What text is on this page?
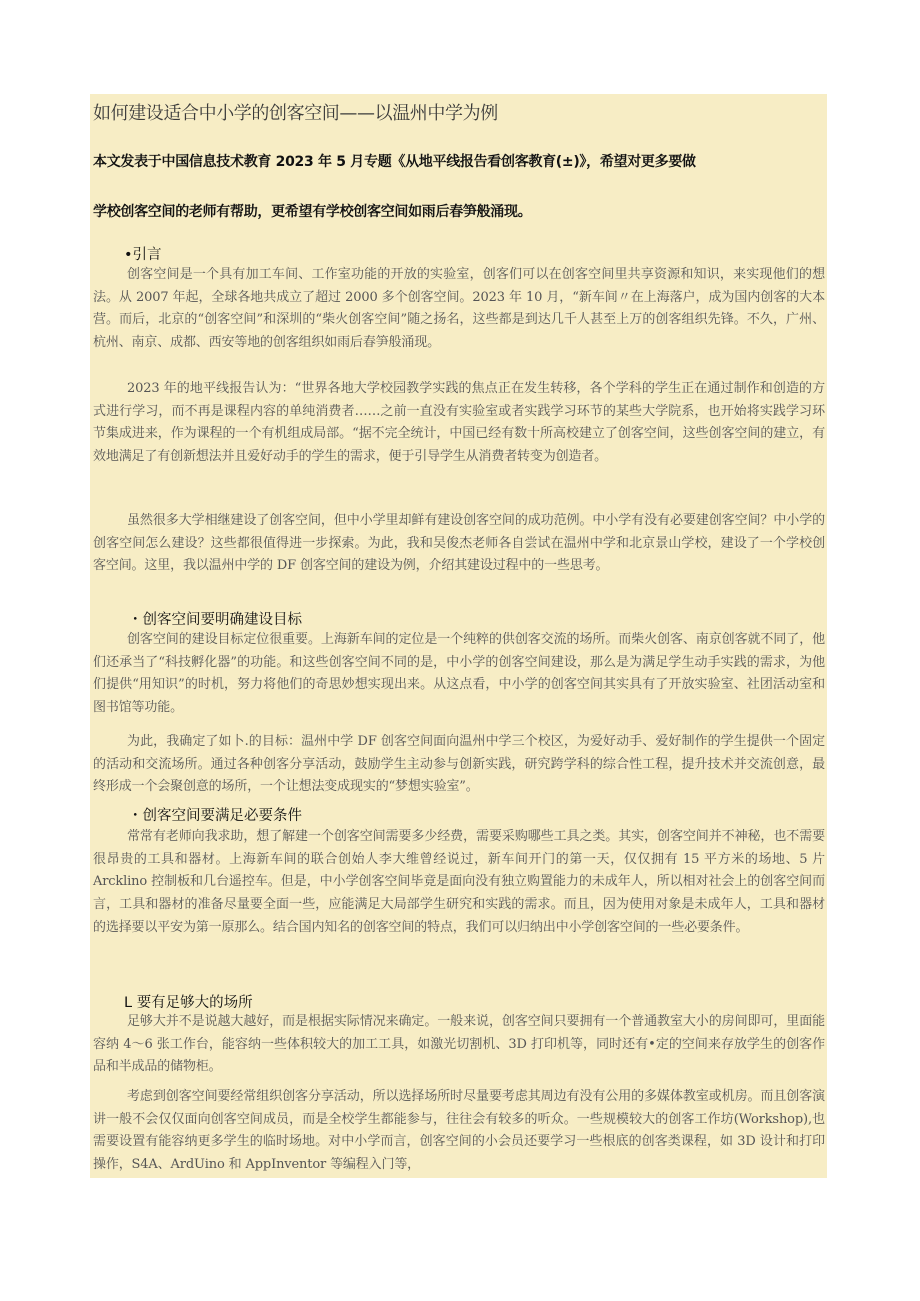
如何建设适合中小学的创客空间——以温州中学为例
本文发表于中国信息技术教育 2023 年 5 月专题《从地平线报告看创客教育(±)》，希望对更多要做
学校创客空间的老师有帮助，更希望有学校创客空间如雨后春笋般涌现。
•引言
创客空间是一个具有加工车间、工作室功能的开放的实验室，创客们可以在创客空间里共享资源和知识，来实现他们的想法。从 2007 年起，全球各地共成立了超过 2000 多个创客空间。2023 年 10 月，“新车间〃在上海落户，成为国内创客的大本营。而后，北京的“创客空间”和深圳的“柴火创客空间”随之扬名，这些都是到达几千人甚至上万的创客组织先锋。不久，广州、杭州、南京、成都、西安等地的创客组织如雨后春笋般涌现。
2023 年的地平线报告认为：“世界各地大学校园教学实践的焦点正在发生转移，各个学科的学生正在通过制作和创造的方式进行学习，而不再是课程内容的单纯消费者……之前一直没有实验室或者实践学习环节的某些大学院系，也开始将实践学习环节集成进来，作为课程的一个有机组成局部。“据不完全统计，中国已经有数十所高校建立了创客空间，这些创客空间的建立，有效地满足了有创新想法并且爱好动手的学生的需求，便于引导学生从消费者转变为创造者。
虽然很多大学相继建设了创客空间，但中小学里却鲜有建设创客空间的成功范例。中小学有没有必要建创客空间？中小学的创客空间怎么建设？这些都很值得进一步探索。为此，我和吴俊杰老师各自尝试在温州中学和北京景山学校，建设了一个学校创客空间。这里，我以温州中学的 DF 创客空间的建设为例，介绍其建设过程中的一些思考。
・创客空间要明确建设目标
创客空间的建设目标定位很重要。上海新车间的定位是一个纯粹的供创客交流的场所。而柴火创客、南京创客就不同了，他们还承当了“科技孵化器”的功能。和这些创客空间不同的是，中小学的创客空间建设，那么是为满足学生动手实践的需求，为他们提供“用知识”的时机，努力将他们的奇思妙想实现出来。从这点看，中小学的创客空间其实具有了开放实验室、社团活动室和图书馆等功能。
为此，我确定了如卜.的目标：温州中学 DF 创客空间面向温州中学三个校区，为爱好动手、爱好制作的学生提供一个固定的活动和交流场所。通过各种创客分享活动，鼓励学生主动参与创新实践，研究跨学科的综合性工程，提升技术并交流创意，最终形成一个会聚创意的场所，一个让想法变成现实的“梦想实验室”。
・创客空间要满足必要条件
常常有老师向我求助，想了解建一个创客空间需要多少经费，需要采购哪些工具之类。其实，创客空间并不神秘，也不需要很昂贵的工具和器材。上海新车间的联合创始人李大维曾经说过，新车间开门的第一天，仅仅拥有 15 平方米的场地、5 片 Arcklino 控制板和几台遥控车。但是，中小学创客空间毕竟是面向没有独立购置能力的未成年人，所以相对社会上的创客空间而言，工具和器材的准备尽量要全面一些，应能满足大局部学生研究和实践的需求。而且，因为使用对象是未成年人，工具和器材的选择要以平安为第一原那么。结合国内知名的创客空间的特点，我们可以归纳出中小学创客空间的一些必要条件。
L 要有足够大的场所
足够大并不是说越大越好，而是根据实际情况来确定。一般来说，创客空间只要拥有一个普通教室大小的房间即可，里面能容纳 4〜6 张工作台，能容纳一些体积较大的加工工具，如激光切割机、3D 打印机等，同时还有•定的空间来存放学生的创客作品和半成品的储物柜。
考虑到创客空间要经常组织创客分享活动，所以选择场所时尽量要考虑其周边有没有公用的多媒体教室或机房。而且创客演讲一般不会仅仅面向创客空间成员，而是全校学生都能参与，往往会有较多的听众。一些规模较大的创客工作坊(Workshop),也需要设置有能容纳更多学生的临时场地。对中小学而言，创客空间的小会员还要学习一些根底的创客类课程，如 3D 设计和打印操作，S4A、ArdUino 和 AppInventor 等编程入门等，
